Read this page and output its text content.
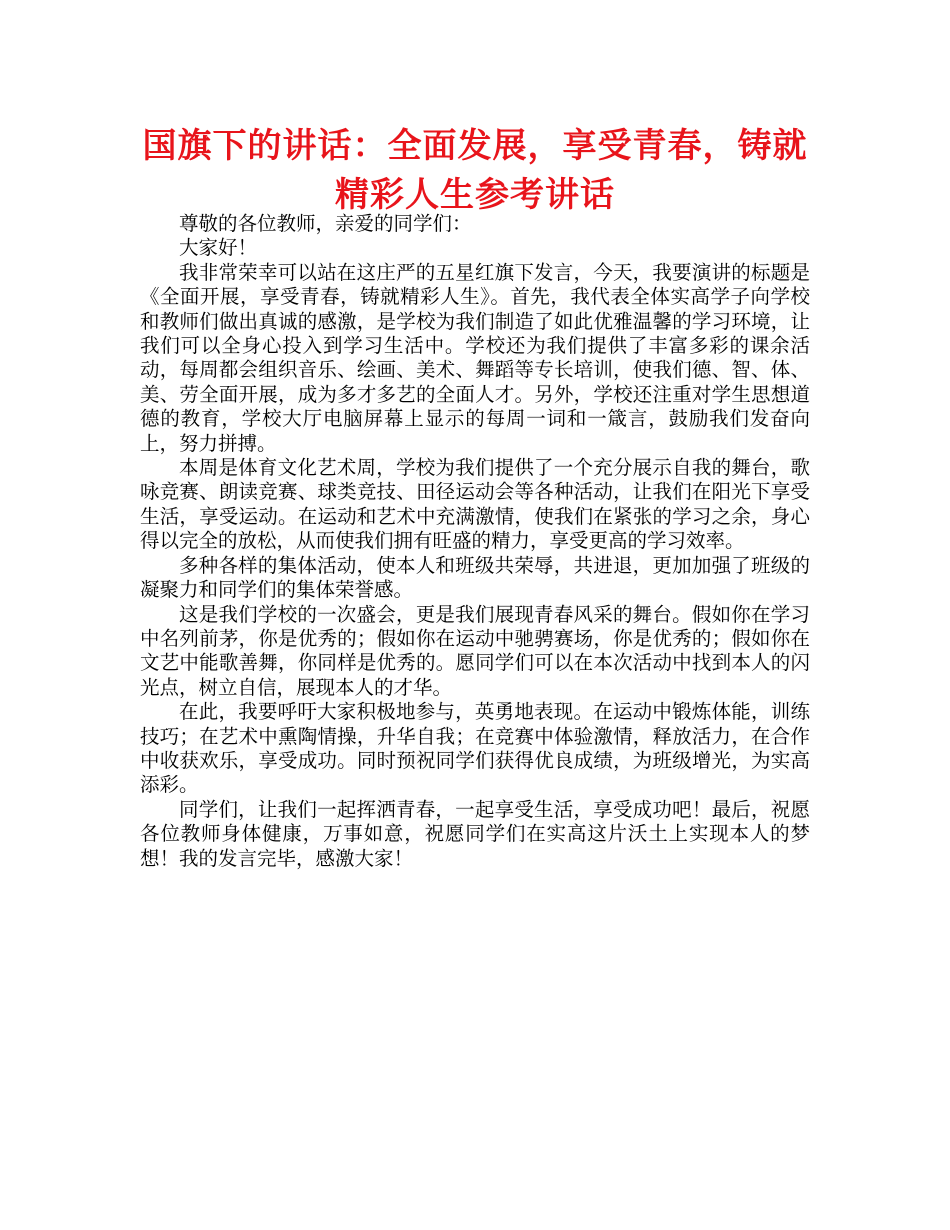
国旗下的讲话：全面发展，享受青春，铸就精彩人生参考讲话

尊敬的各位教师，亲爱的同学们：

大家好！

我非常荣幸可以站在这庄严的五星红旗下发言，今天，我要演讲的标题是《全面开展，享受青春，铸就精彩人生》。首先，我代表全体实高学子向学校和教师们做出真诚的感激，是学校为我们制造了如此优雅温馨的学习环境，让我们可以全身心投入到学习生活中。学校还为我们提供了丰富多彩的课余活动，每周都会组织音乐、绘画、美术、舞蹈等专长培训，使我们德、智、体、美、劳全面开展，成为多才多艺的全面人才。另外，学校还注重对学生思想道德的教育，学校大厅电脑屏幕上显示的每周一词和一箴言，鼓励我们发奋向上，努力拼搏。

本周是体育文化艺术周，学校为我们提供了一个充分展示自我的舞台，歌咏竞赛、朗读竞赛、球类竞技、田径运动会等各种活动，让我们在阳光下享受生活，享受运动。在运动和艺术中充满激情，使我们在紧张的学习之余，身心得以完全的放松，从而使我们拥有旺盛的精力，享受更高的学习效率。

多种各样的集体活动，使本人和班级共荣辱，共进退，更加加强了班级的凝聚力和同学们的集体荣誉感。

这是我们学校的一次盛会，更是我们展现青春风采的舞台。假如你在学习中名列前茅，你是优秀的；假如你在运动中驰骋赛场，你是优秀的；假如你在文艺中能歌善舞，你同样是优秀的。愿同学们可以在本次活动中找到本人的闪光点，树立自信，展现本人的才华。

在此，我要呼吁大家积极地参与，英勇地表现。在运动中锻炼体能，训练技巧；在艺术中熏陶情操，升华自我；在竞赛中体验激情，释放活力，在合作中收获欢乐，享受成功。同时预祝同学们获得优良成绩，为班级增光，为实高添彩。

同学们，让我们一起挥洒青春，一起享受生活，享受成功吧！最后，祝愿各位教师身体健康，万事如意，祝愿同学们在实高这片沃土上实现本人的梦想！我的发言完毕，感激大家！
